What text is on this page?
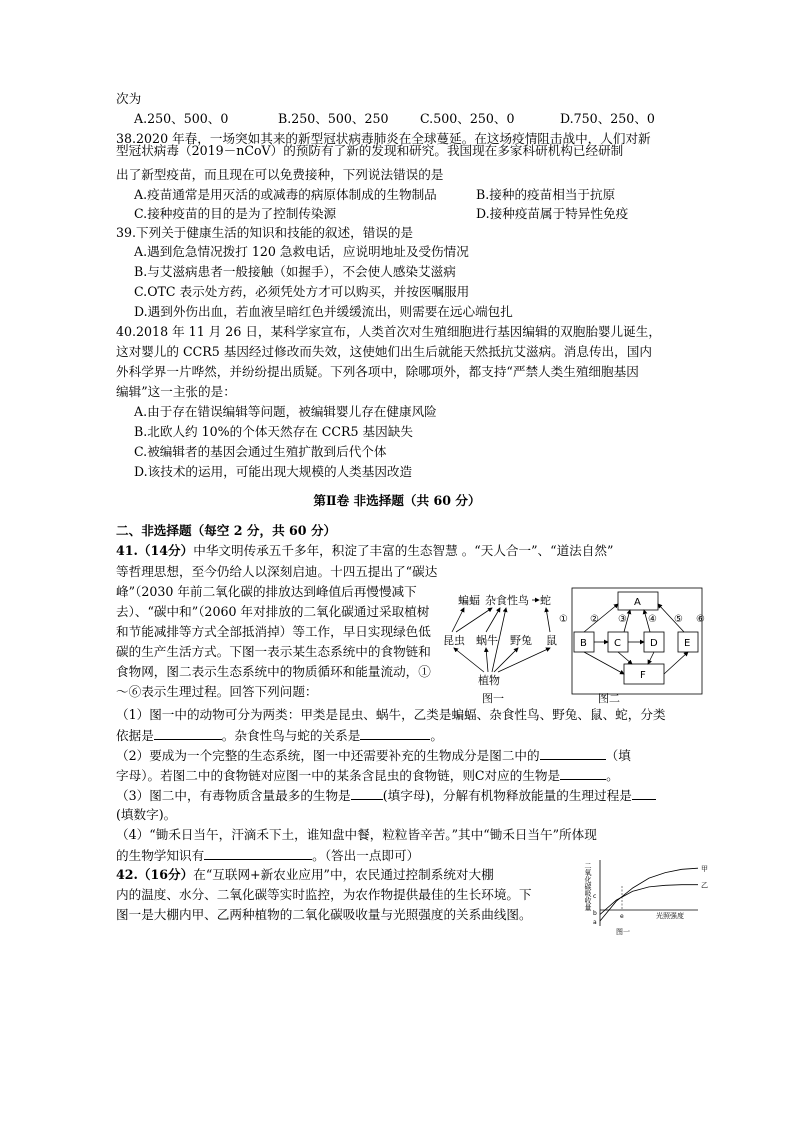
次为
A.250、500、0	B.250、500、250 C.500、250、0	D.750、250、0
38.2020 年春，一场突如其来的新型冠状病毒肺炎在全球蔓延。在这场疫情阻击战中，人们对新
型冠状病毒（2019－nCoV）的预防有了新的发现和研究。我国现在多家科研机构已经研制
出了新型疫苗，而且现在可以免费接种，下列说法错误的是
A.疫苗通常是用灭活的或减毒的病原体制成的生物制品	B.接种的疫苗相当于抗原
C.接种疫苗的目的是为了控制传染源	D.接种疫苗属于特异性免疫
39.下列关于健康生活的知识和技能的叙述，错误的是
A.遇到危急情况拨打 120 急救电话，应说明地址及受伤情况
B.与艾滋病患者一般接触（如握手），不会使人感染艾滋病
C.OTC 表示处方药，必须凭处方才可以购买，并按医嘱服用
D.遇到外伤出血，若血液呈暗红色并缓缓流出，则需要在远心端包扎
40.2018 年 11 月 26 日，某科学家宣布，人类首次对生殖细胞进行基因编辑的双胞胎婴儿诞生，
这对婴儿的 CCR5 基因经过修改而失效，这使她们出生后就能天然抵抗艾滋病。消息传出，国内
外科学界一片哗然，并纷纷提出质疑。下列各项中，除哪项外，都支持“严禁人类生殖细胞基因
编辑”这一主张的是：
A.由于存在错误编辑等问题，被编辑婴儿存在健康风险
B.北欧人约 10%的个体天然存在 CCR5 基因缺失
C.被编辑者的基因会通过生殖扩散到后代个体
D.该技术的运用，可能出现大规模的人类基因改造
第Ⅱ卷 非选择题（共 60 分）
二、非选择题（每空 2 分，共 60 分）
41.（14分）中华文明传承五千多年，积淀了丰富的生态智慧 。“天人合一”、“道法自然”
等哲理思想，至今仍给人以深刻启迪。十四五提出了“碳达峰”（2030 年前二氧化碳的排放达到峰值后再慢慢减下去）、“碳中和”（2060 年对排放的二氧化碳通过采取植树和节能减排等方式全部抵消掉）等工作，早日实现绿色低碳的生产生活方式。下图一表示某生态系统中的食物链和食物网，图二表示生态系统中的物质循环和能量流动，①～⑥表示生理过程。回答下列问题：
蝙蝠 杂食性鸟 蛇
昆虫 蜗牛 野兔 鼠
植物
图一
A
B	C	D	E
F
① ② ③ ④ ⑤ ⑥
图二
（1）图一中的动物可分为两类：甲类是昆虫、蜗牛，乙类是蝙蝠、杂食性鸟、野兔、鼠、蛇，分类
依据是	。杂食性鸟与蛇的关系是	。
（2）要成为一个完整的生态系统，图一中还需要补充的生物成分是图二中的	（填
字母）。若图二中的食物链对应图一中的某条含昆虫的食物链，则C对应的生物是	。
（3）图二中，有毒物质含量最多的生物是	(填字母)，分解有机物释放能量的生理过程是
(填数字)。
（4）“锄禾日当午，汗滴禾下土，谁知盘中餐，粒粒皆辛苦。”其中“锄禾日当午”所体现
的生物学知识有	。（答出一点即可）
42.（16分）在“互联网+新农业应用”中，农民通过控制系统对大棚
内的温度、水分、二氧化碳等实时监控，为农作物提供最佳的生长环境。下
图一是大棚内甲、乙两种植物的二氧化碳吸收量与光照强度的关系曲线图。
二氧化碳吸收量	甲
乙
c
b
a
e	光照强度
图一
